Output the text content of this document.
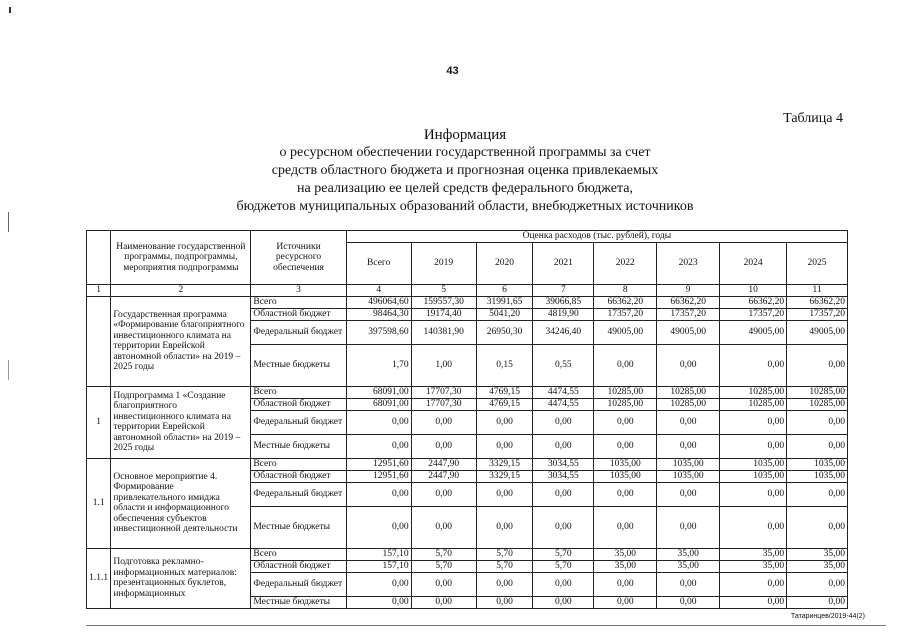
43
Таблица 4
Информация
о ресурсном обеспечении государственной программы за счет
средств областного бюджета и прогнозная оценка привлекаемых
на реализацию ее целей средств федерального бюджета,
бюджетов муниципальных образований области, внебюджетных источников
	Наименование государственной программы, подпрограммы, мероприятия подпрограммы	Источники ресурсного обеспечения	Оценка расходов (тыс. рублей), годы							
			Всего	2019	2020	2021	2022	2023	2024	2025
1	2	3	4	5	6	7	8	9	10	11
	Государственная программа «Формирование благоприятного инвестиционного климата на территории Еврейской автономной области» на 2019 – 2025 годы	Всего	496064,60	159557,30	31991,65	39066,85	66362,20	66362,20	66362,20	66362,20
		Областной бюджет	98464,30	19174,40	5041,20	4819,90	17357,20	17357,20	17357,20	17357,20
		Федеральный бюджет	397598,60	140381,90	26950,30	34246,40	49005,00	49005,00	49005,00	49005,00
		Местные бюджеты	1,70	1,00	0,15	0,55	0,00	0,00	0,00	0,00
1	Подпрограмма 1 «Создание благоприятного инвестиционного климата на территории Еврейской автономной области» на 2019 – 2025 годы	Всего	68091,00	17707,30	4769,15	4474,55	10285,00	10285,00	10285,00	10285,00
		Областной бюджет	68091,00	17707,30	4769,15	4474,55	10285,00	10285,00	10285,00	10285,00
		Федеральный бюджет	0,00	0,00	0,00	0,00	0,00	0,00	0,00	0,00
		Местные бюджеты	0,00	0,00	0,00	0,00	0,00	0,00	0,00	0,00
1.1	Основное мероприятие 4. Формирование привлекательного имиджа области и информационного обеспечения субъектов инвестиционной деятельности	Всего	12951,60	2447,90	3329,15	3034,55	1035,00	1035,00	1035,00	1035,00
		Областной бюджет	12951,60	2447,90	3329,15	3034,55	1035,00	1035,00	1035,00	1035,00
		Федеральный бюджет	0,00	0,00	0,00	0,00	0,00	0,00	0,00	0,00
		Местные бюджеты	0,00	0,00	0,00	0,00	0,00	0,00	0,00	0,00
1.1.1	Подготовка рекламно-информационных материалов: презентационных буклетов, информационных	Всего	157,10	5,70	5,70	5,70	35,00	35,00	35,00	35,00
		Областной бюджет	157,10	5,70	5,70	5,70	35,00	35,00	35,00	35,00
		Федеральный бюджет	0,00	0,00	0,00	0,00	0,00	0,00	0,00	0,00
		Местные бюджеты	0,00	0,00	0,00	0,00	0,00	0,00	0,00	0,00
Татаринцев/2019-44(2)
